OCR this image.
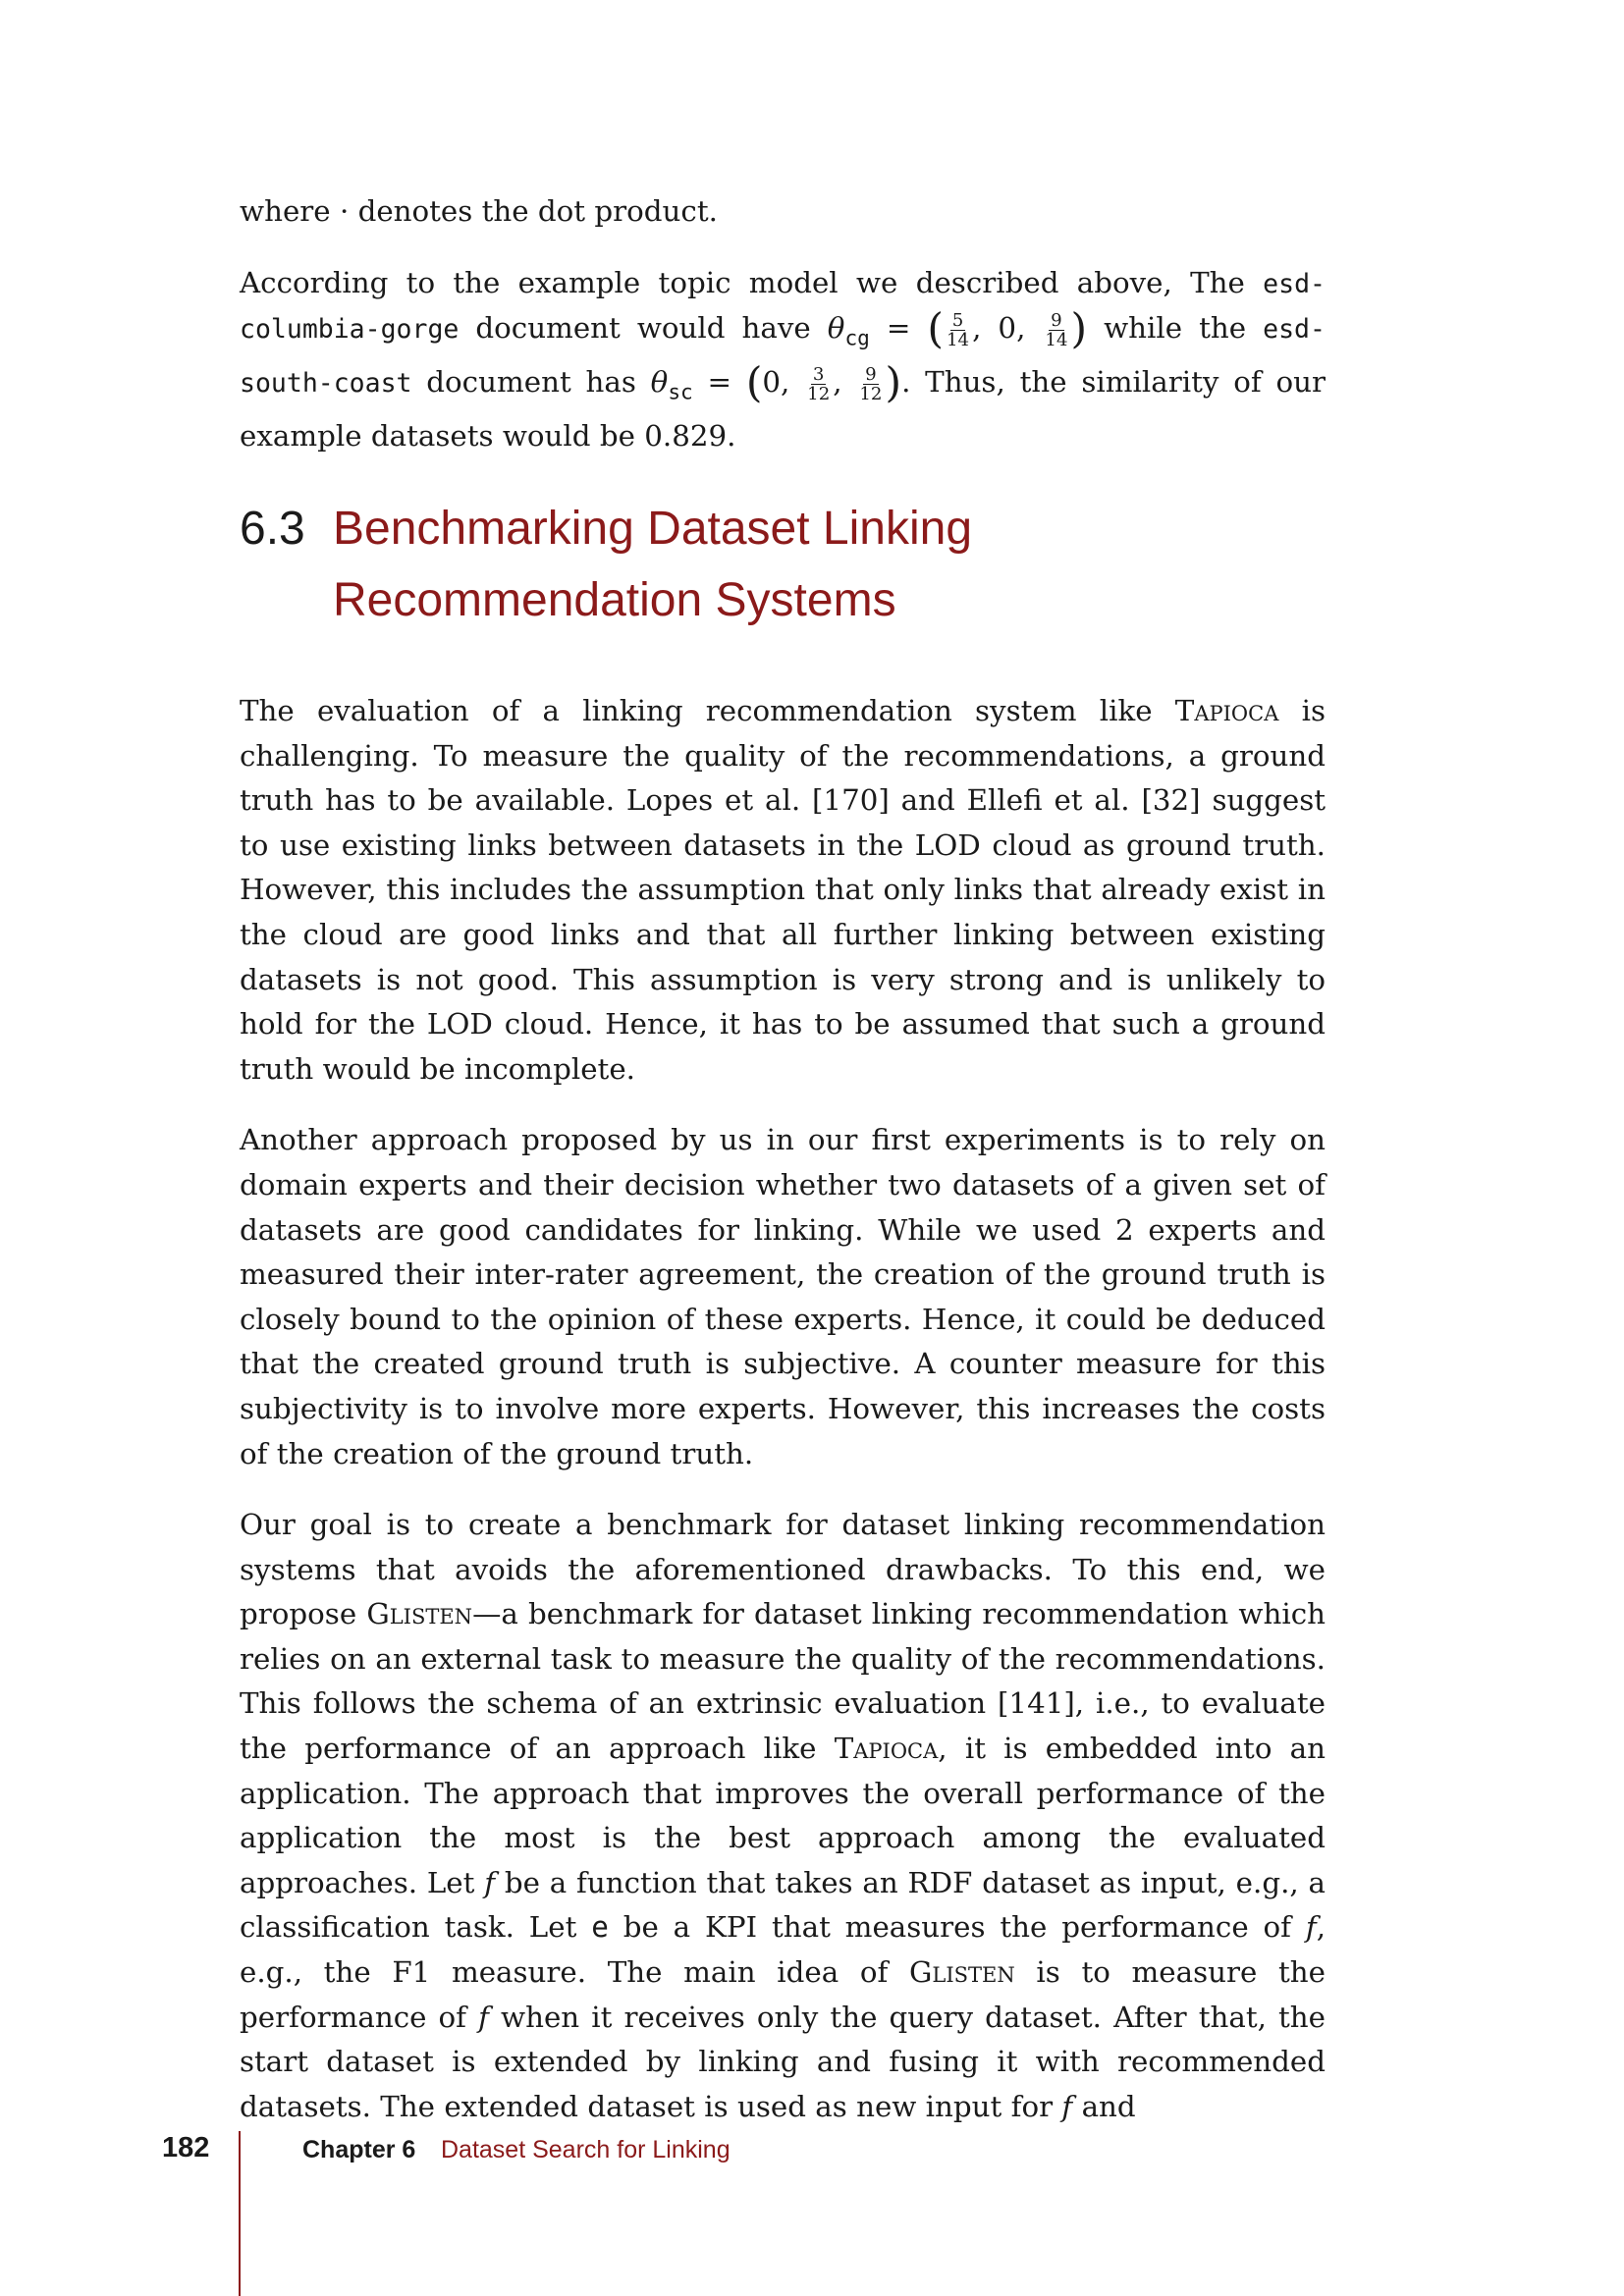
where · denotes the dot product.

According to the example topic model we described above, The esd-columbia-gorge document would have $\theta_{cg}$ = ( $\frac{5}{14}$ , 0, $\frac{9}{14}$ ) while the esd-south-coast document has $\theta_{sc} = (0$, $\frac{3}{12}$ , $\frac{9}{12}$ ). Thus, the similarity of our example datasets would be 0.829.

6.3 Benchmarking Dataset Linking
Recommendation Systems

The evaluation of a linking recommendation system like Tapioca is challenging. To measure the quality of the recommendations, a ground truth has to be available. Lopes et al. [170] and Ellefi et al. [32] suggest to use existing links between datasets in the LOD cloud as ground truth. However, this includes the assumption that only links that already exist in the cloud are good links and that all further linking between existing datasets is not good. This assumption is very strong and is unlikely to hold for the LOD cloud. Hence, it has to be assumed that such a ground truth would be incomplete.

Another approach proposed by us in our first experiments is to rely on domain experts and their decision whether two datasets of a given set of datasets are good candidates for linking. While we used 2 experts and measured their inter-rater agreement, the creation of the ground truth is closely bound to the opinion of these experts. Hence, it could be deduced that the created ground truth is subjective. A counter measure for this subjectivity is to involve more experts. However, this increases the costs of the creation of the ground truth.

Our goal is to create a benchmark for dataset linking recommendation systems that avoids the aforementioned drawbacks. To this end, we propose Glisten—a benchmark for dataset linking recommendation which relies on an external task to measure the quality of the recommendations. This follows the schema of an extrinsic evaluation [141], i.e., to evaluate the performance of an approach like Tapioca, it is embedded into an application. The approach that improves the overall performance of the application the most is the best approach among the evaluated approaches. Let f be a function that takes an RDF dataset as input, e.g., a classification task. Let e be a KPI that measures the performance of f, e.g., the F1 measure. The main idea of Glisten is to measure the performance of f when it receives only the query dataset. After that, the start dataset is extended by linking and fusing it with recommended datasets. The extended dataset is used as new input for f and

182	Chapter 6 Dataset Search for Linking
